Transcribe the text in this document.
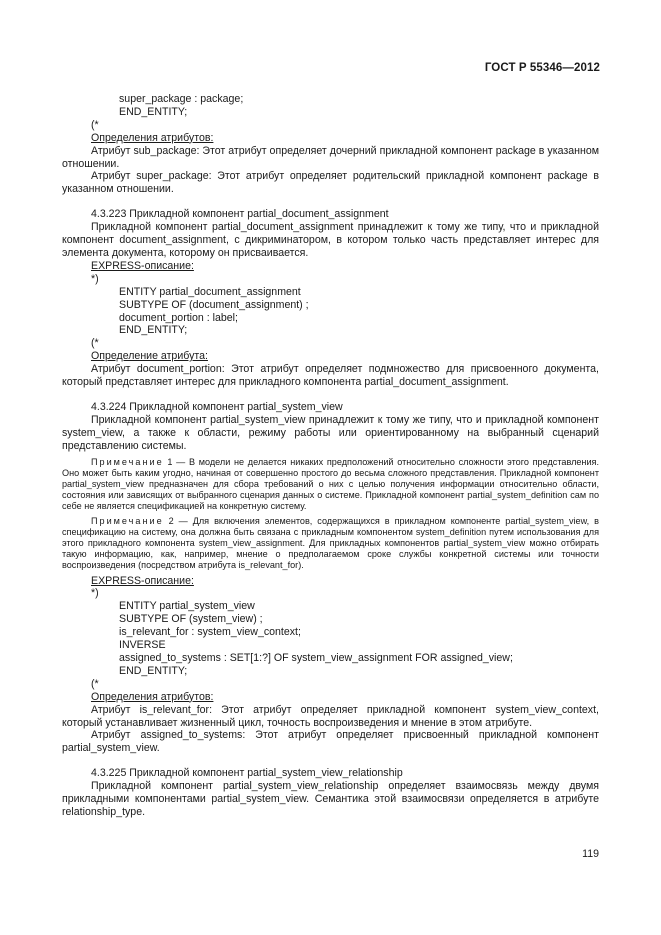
ГОСТ Р 55346—2012

super_package : package;

END_ENTITY;

(*

Определения атрибутов:

Атрибут sub_package: Этот атрибут определяет дочерний прикладной компонент package в указанном отношении.

Атрибут super_package: Этот атрибут определяет родительский прикладной компонент package в указанном отношении.

4.3.223 Прикладной компонент partial_document_assignment

Прикладной компонент partial_document_assignment принадлежит к тому же типу, что и прикладной компонент document_assignment, с дикриминатором, в котором только часть представляет интерес для элемента документа, которому он присваивается.

EXPRESS-описание:

*)

ENTITY partial_document_assignment

SUBTYPE OF (document_assignment) ;

document_portion : label;

END_ENTITY;

(*

Определение атрибута:

Атрибут document_portion: Этот атрибут определяет подмножество для присвоенного документа, который представляет интерес для прикладного компонента partial_document_assignment.

4.3.224 Прикладной компонент partial_system_view

Прикладной компонент partial_system_view принадлежит к тому же типу, что и прикладной компонент system_view, а также к области, режиму работы или ориентированному на выбранный сценарий представлению системы.

Примечание 1 — В модели не делается никаких предположений относительно сложности этого представления. Оно может быть каким угодно, начиная от совершенно простого до весьма сложного представления. Прикладной компонент partial_system_view предназначен для сбора требований о них с целью получения информации относительно области, состояния или зависящих от выбранного сценария данных о системе. Прикладной компонент partial_system_definition сам по себе не является спецификацией на конкретную систему.

Примечание 2 — Для включения элементов, содержащихся в прикладном компоненте partial_system_view, в спецификацию на систему, она должна быть связана с прикладным компонентом system_definition путем использования для этого прикладного компонента system_view_assignment. Для прикладных компонентов partial_system_view можно отбирать такую информацию, как, например, мнение о предполагаемом сроке службы конкретной системы или точности воспроизведения (посредством атрибута is_relevant_for).

EXPRESS-описание:

*)

ENTITY partial_system_view

SUBTYPE OF (system_view) ;

is_relevant_for : system_view_context;

INVERSE

assigned_to_systems : SET[1:?] OF system_view_assignment FOR assigned_view;

END_ENTITY;

(*

Определения атрибутов:

Атрибут is_relevant_for: Этот атрибут определяет прикладной компонент system_view_context, который устанавливает жизненный цикл, точность воспроизведения и мнение в этом атрибуте.

Атрибут assigned_to_systems: Этот атрибут определяет присвоенный прикладной компонент partial_system_view.

4.3.225 Прикладной компонент partial_system_view_relationship

Прикладной компонент partial_system_view_relationship определяет взаимосвязь между двумя прикладными компонентами partial_system_view. Семантика этой взаимосвязи определяется в атрибуте relationship_type.

119
